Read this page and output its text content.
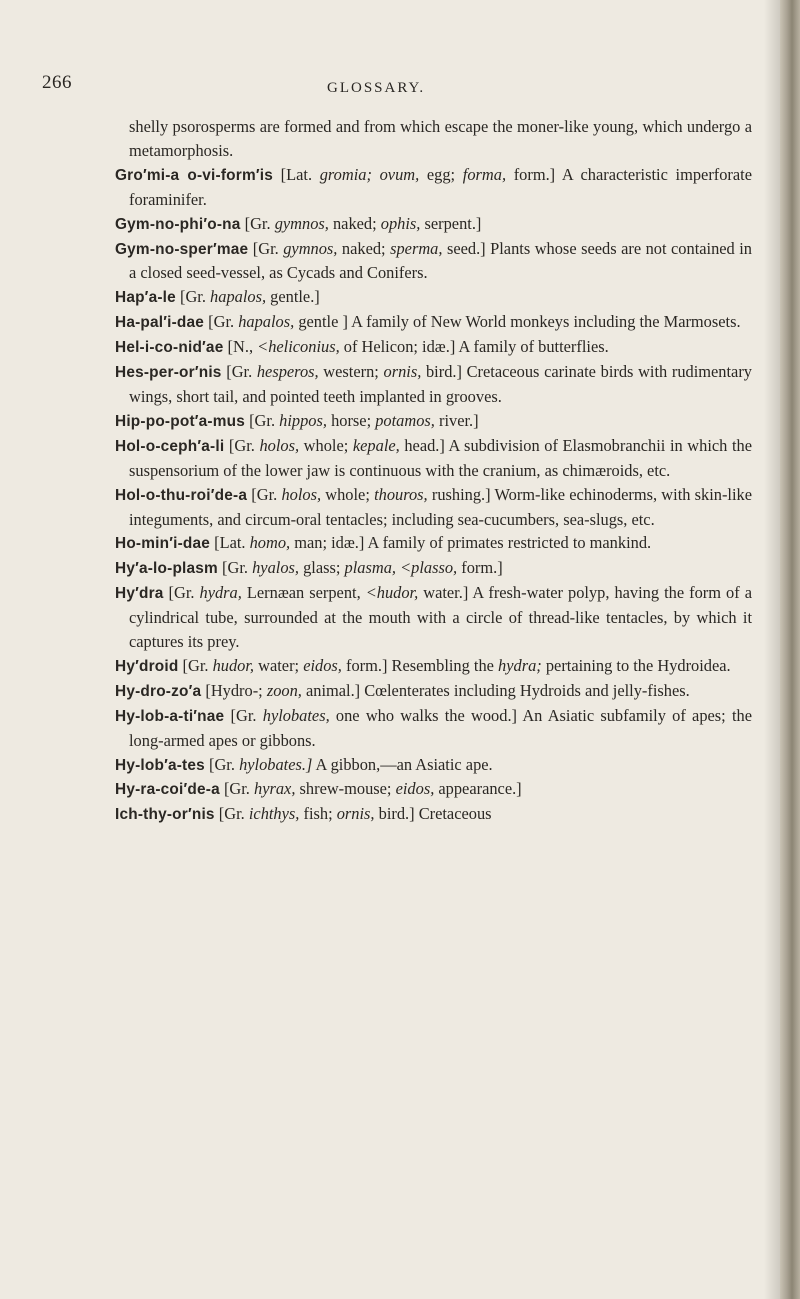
266	GLOSSARY.

shelly psorosperms are formed and from which escape the moner-like young, which undergo a metamorphosis.

Gro′mi-a o-vi-form′is [Lat. gromia; ovum, egg; forma, form.] A characteristic imperforate foraminifer.

Gym-no-phi′o-na [Gr. gymnos, naked; ophis, serpent.]

Gym-no-sper′mae [Gr. gymnos, naked; sperma, seed.] Plants whose seeds are not contained in a closed seed-vessel, as Cycads and Conifers.

Hap′a-le [Gr. hapalos, gentle.]

Ha-pal′i-dae [Gr. hapalos, gentle ] A family of New World monkeys including the Marmosets.

Hel-i-co-nid′ae [N., <heliconius, of Helicon; idæ.] A family of butterflies.

Hes-per-or′nis [Gr. hesperos, western; ornis, bird.] Cretaceous carinate birds with rudimentary wings, short tail, and pointed teeth implanted in grooves.

Hip-po-pot′a-mus [Gr. hippos, horse; potamos, river.]

Hol-o-ceph′a-li [Gr. holos, whole; kepale, head.] A subdivision of Elasmobranchii in which the suspensorium of the lower jaw is continuous with the cranium, as chimæroids, etc.

Hol-o-thu-roi′de-a [Gr. holos, whole; thouros, rushing.] Worm-like echinoderms, with skin-like integuments, and circum-oral tentacles; including sea-cucumbers, sea-slugs, etc.

Ho-min′i-dae [Lat. homo, man; idæ.] A family of primates restricted to mankind.

Hy′a-lo-plasm [Gr. hyalos, glass; plasma, <plasso, form.]

Hy′dra [Gr. hydra, Lernæan serpent, <hudor, water.] A fresh-water polyp, having the form of a cylindrical tube, surrounded at the mouth with a circle of thread-like tentacles, by which it captures its prey.

Hy′droid [Gr. hudor, water; eidos, form.] Resembling the hydra; pertaining to the Hydroidea.

Hy-dro-zo′a [Hydro-; zoon, animal.] Cœlenterates including Hydroids and jelly-fishes.

Hy-lob-a-ti′nae [Gr. hylobates, one who walks the wood.] An Asiatic subfamily of apes; the long-armed apes or gibbons.

Hy-lob′a-tes [Gr. hylobates.] A gibbon,—an Asiatic ape.

Hy-ra-coi′de-a [Gr. hyrax, shrew-mouse; eidos, appearance.]

Ich-thy-or′nis [Gr. ichthys, fish; ornis, bird.] Cretaceous
